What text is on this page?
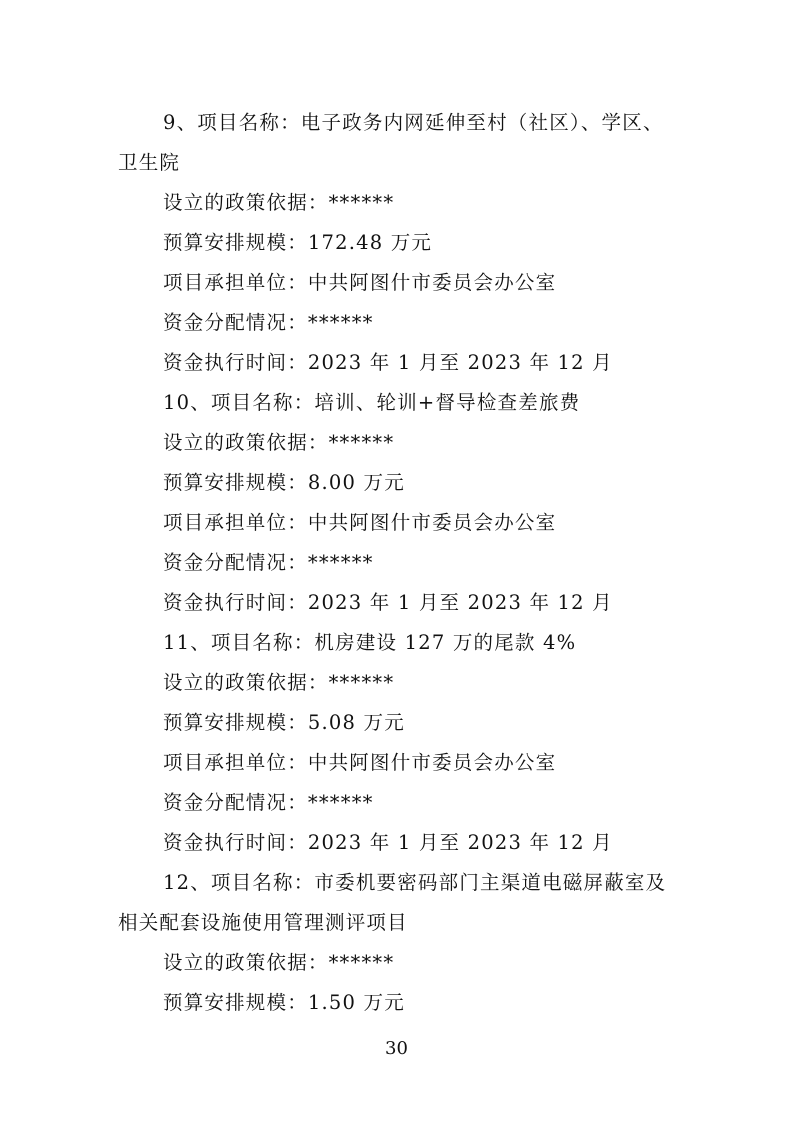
9、项目名称：电子政务内网延伸至村（社区）、学区、
卫生院
设立的政策依据：******
预算安排规模：172.48 万元
项目承担单位：中共阿图什市委员会办公室
资金分配情况：******
资金执行时间：2023 年 1 月至 2023 年 12 月
10、项目名称：培训、轮训+督导检查差旅费
设立的政策依据：******
预算安排规模：8.00 万元
项目承担单位：中共阿图什市委员会办公室
资金分配情况：******
资金执行时间：2023 年 1 月至 2023 年 12 月
11、项目名称：机房建设 127 万的尾款 4%
设立的政策依据：******
预算安排规模：5.08 万元
项目承担单位：中共阿图什市委员会办公室
资金分配情况：******
资金执行时间：2023 年 1 月至 2023 年 12 月
12、项目名称：市委机要密码部门主渠道电磁屏蔽室及
相关配套设施使用管理测评项目
设立的政策依据：******
预算安排规模：1.50 万元
30
